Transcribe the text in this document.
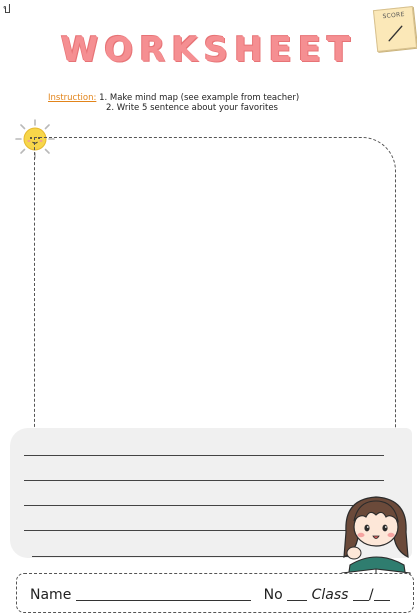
ป	SCORE
WORKSHEET
Instruction: 1. Make mind map (see example from teacher)
2. Write 5 sentence about your favorites
Name	No Class /
